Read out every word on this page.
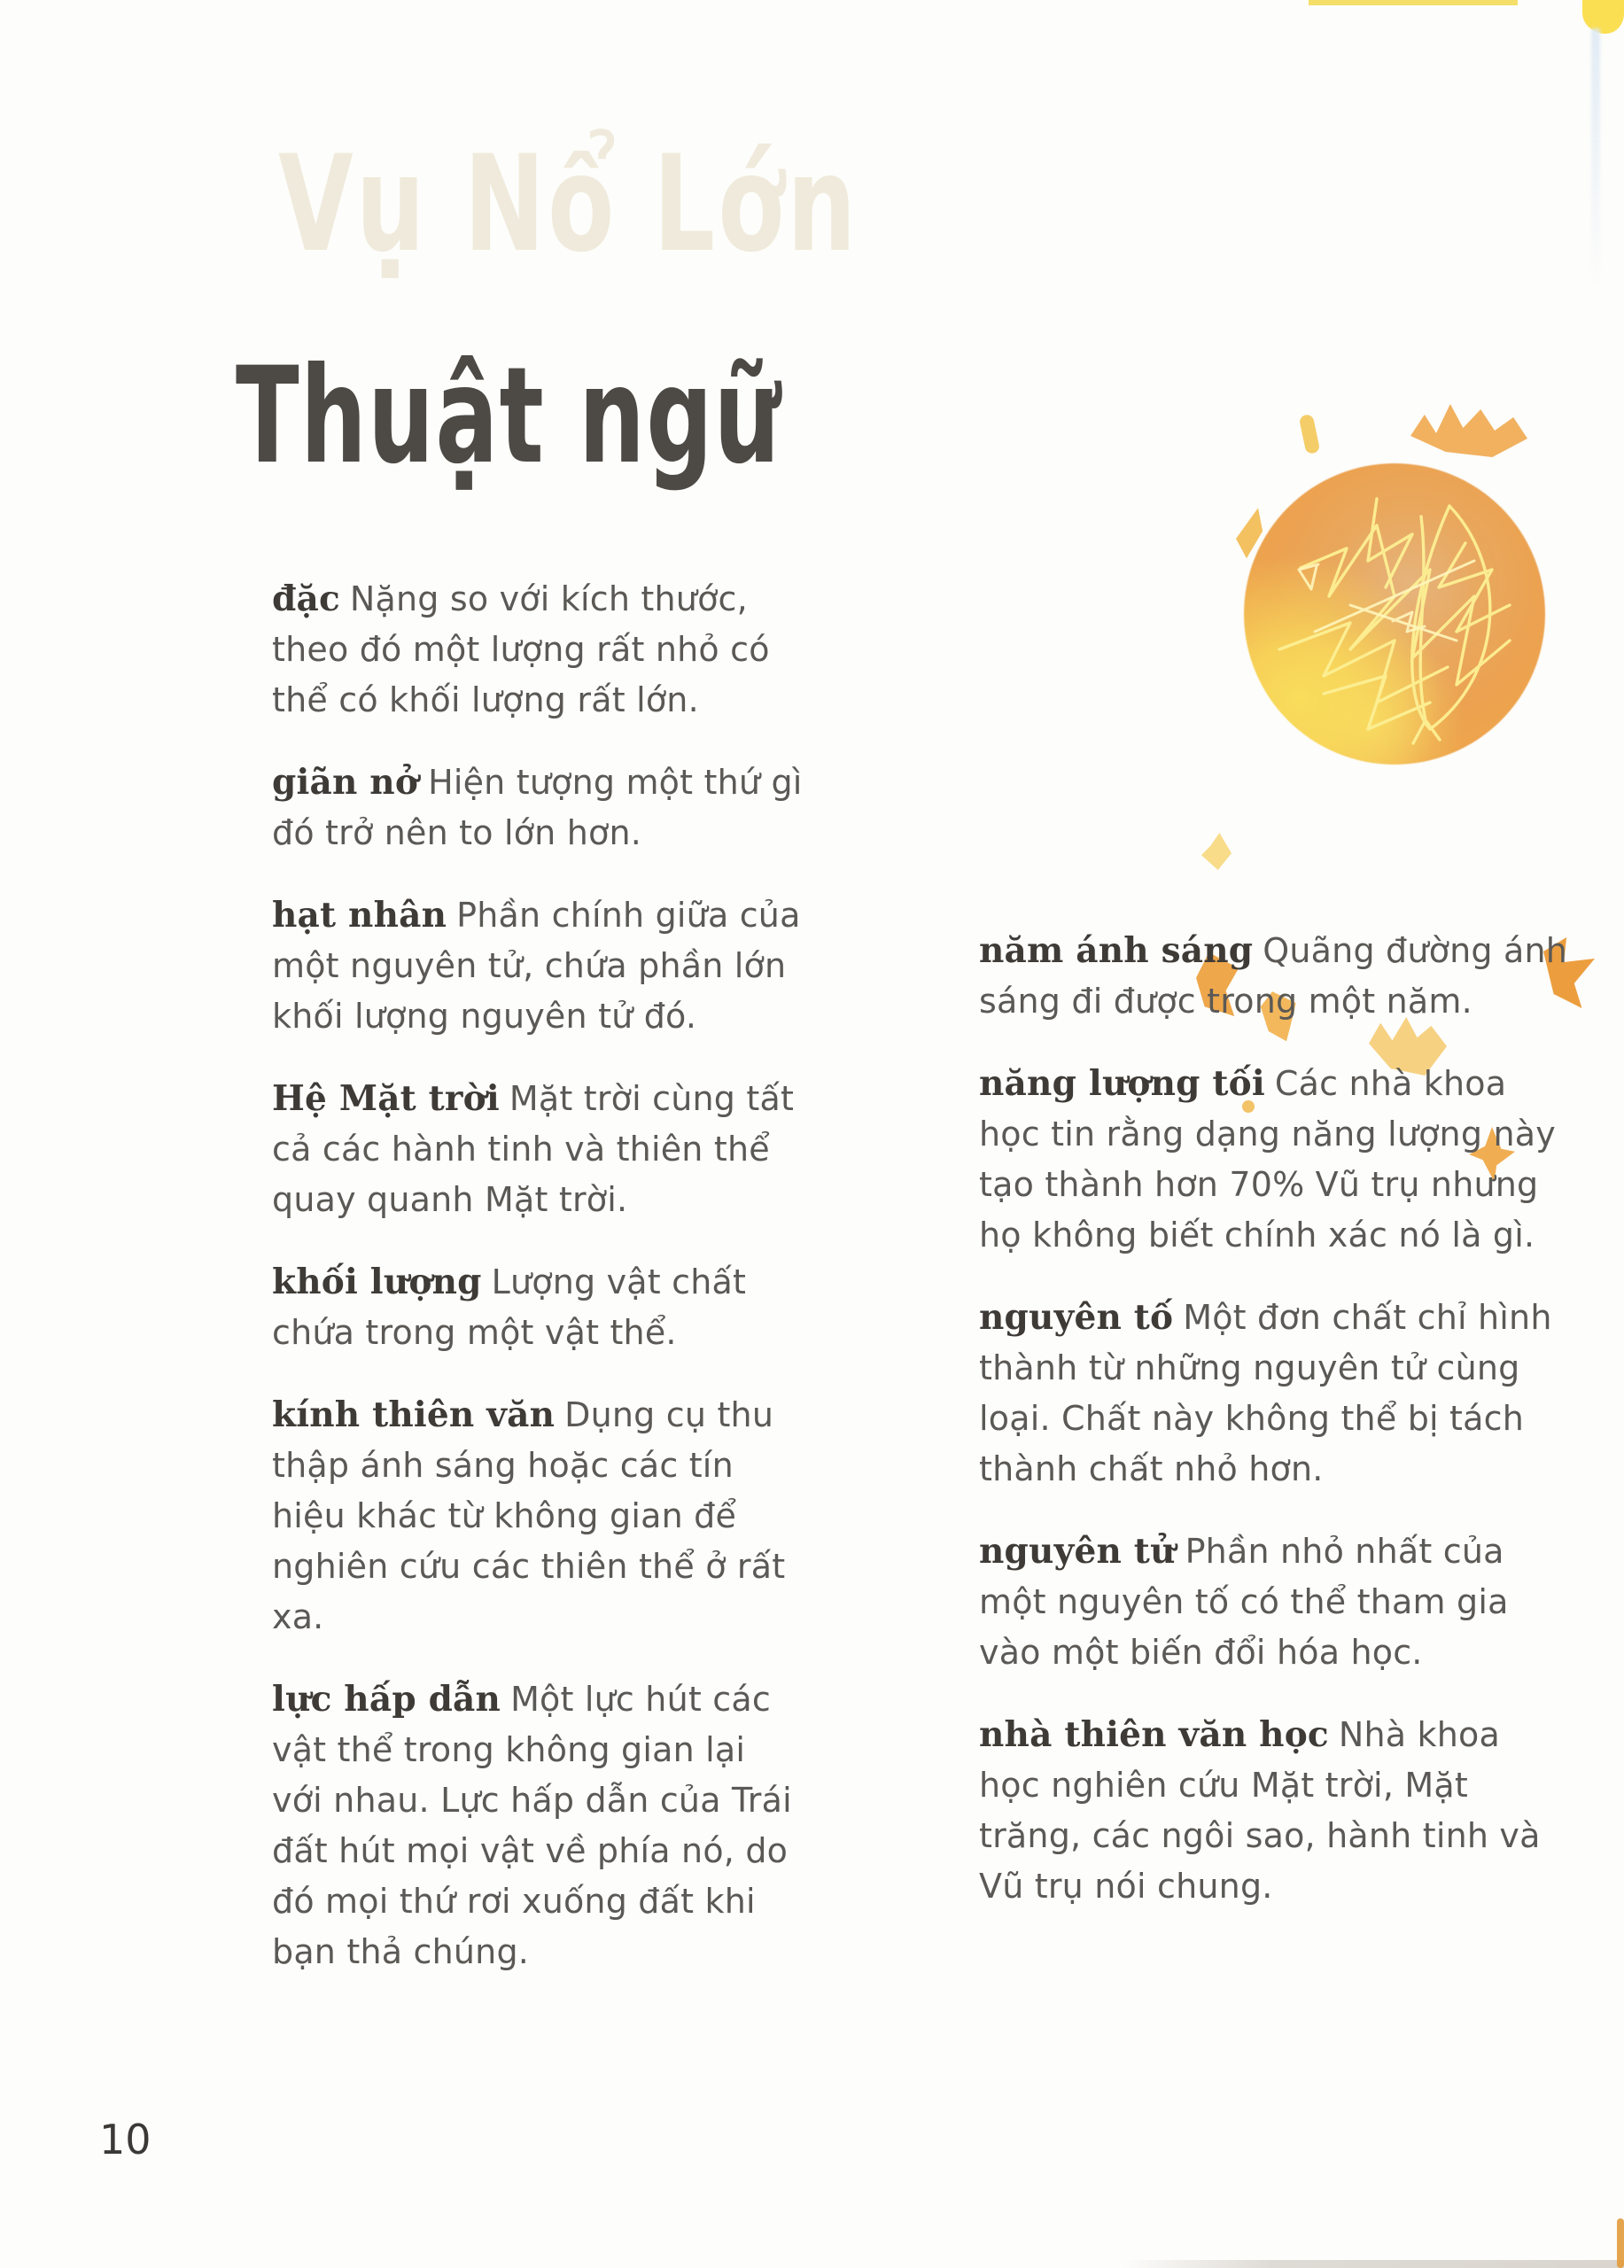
Vụ Nổ Lớn
Thuật ngữ

đặc Nặng so với kích thước, theo đó một lượng rất nhỏ có thể có khối lượng rất lớn.

giãn nở Hiện tượng một thứ gì đó trở nên to lớn hơn.

hạt nhân Phần chính giữa của một nguyên tử, chứa phần lớn khối lượng nguyên tử đó.

Hệ Mặt trời Mặt trời cùng tất cả các hành tinh và thiên thể quay quanh Mặt trời.

khối lượng Lượng vật chất chứa trong một vật thể.

kính thiên văn Dụng cụ thu thập ánh sáng hoặc các tín hiệu khác từ không gian để nghiên cứu các thiên thể ở rất xa.

lực hấp dẫn Một lực hút các vật thể trong không gian lại với nhau. Lực hấp dẫn của Trái đất hút mọi vật về phía nó, do đó mọi thứ rơi xuống đất khi bạn thả chúng.

năm ánh sáng Quãng đường ánh sáng đi được trong một năm.

năng lượng tối Các nhà khoa học tin rằng dạng năng lượng này tạo thành hơn 70% Vũ trụ nhưng họ không biết chính xác nó là gì.

nguyên tố Một đơn chất chỉ hình thành từ những nguyên tử cùng loại. Chất này không thể bị tách thành chất nhỏ hơn.

nguyên tử Phần nhỏ nhất của một nguyên tố có thể tham gia vào một biến đổi hóa học.

nhà thiên văn học Nhà khoa học nghiên cứu Mặt trời, Mặt trăng, các ngôi sao, hành tinh và Vũ trụ nói chung.

10
